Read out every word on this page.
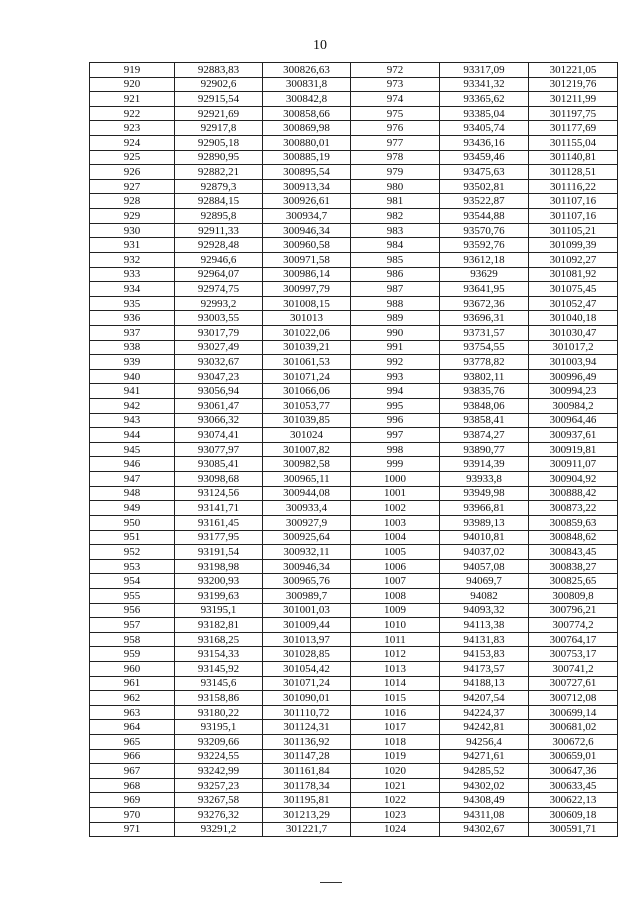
10
919	92883,83	300826,63	972	93317,09	301221,05
920	92902,6	300831,8	973	93341,32	301219,76
921	92915,54	300842,8	974	93365,62	301211,99
922	92921,69	300858,66	975	93385,04	301197,75
923	92917,8	300869,98	976	93405,74	301177,69
924	92905,18	300880,01	977	93436,16	301155,04
925	92890,95	300885,19	978	93459,46	301140,81
926	92882,21	300895,54	979	93475,63	301128,51
927	92879,3	300913,34	980	93502,81	301116,22
928	92884,15	300926,61	981	93522,87	301107,16
929	92895,8	300934,7	982	93544,88	301107,16
930	92911,33	300946,34	983	93570,76	301105,21
931	92928,48	300960,58	984	93592,76	301099,39
932	92946,6	300971,58	985	93612,18	301092,27
933	92964,07	300986,14	986	93629	301081,92
934	92974,75	300997,79	987	93641,95	301075,45
935	92993,2	301008,15	988	93672,36	301052,47
936	93003,55	301013	989	93696,31	301040,18
937	93017,79	301022,06	990	93731,57	301030,47
938	93027,49	301039,21	991	93754,55	301017,2
939	93032,67	301061,53	992	93778,82	301003,94
940	93047,23	301071,24	993	93802,11	300996,49
941	93056,94	301066,06	994	93835,76	300994,23
942	93061,47	301053,77	995	93848,06	300984,2
943	93066,32	301039,85	996	93858,41	300964,46
944	93074,41	301024	997	93874,27	300937,61
945	93077,97	301007,82	998	93890,77	300919,81
946	93085,41	300982,58	999	93914,39	300911,07
947	93098,68	300965,11	1000	93933,8	300904,92
948	93124,56	300944,08	1001	93949,98	300888,42
949	93141,71	300933,4	1002	93966,81	300873,22
950	93161,45	300927,9	1003	93989,13	300859,63
951	93177,95	300925,64	1004	94010,81	300848,62
952	93191,54	300932,11	1005	94037,02	300843,45
953	93198,98	300946,34	1006	94057,08	300838,27
954	93200,93	300965,76	1007	94069,7	300825,65
955	93199,63	300989,7	1008	94082	300809,8
956	93195,1	301001,03	1009	94093,32	300796,21
957	93182,81	301009,44	1010	94113,38	300774,2
958	93168,25	301013,97	1011	94131,83	300764,17
959	93154,33	301028,85	1012	94153,83	300753,17
960	93145,92	301054,42	1013	94173,57	300741,2
961	93145,6	301071,24	1014	94188,13	300727,61
962	93158,86	301090,01	1015	94207,54	300712,08
963	93180,22	301110,72	1016	94224,37	300699,14
964	93195,1	301124,31	1017	94242,81	300681,02
965	93209,66	301136,92	1018	94256,4	300672,6
966	93224,55	301147,28	1019	94271,61	300659,01
967	93242,99	301161,84	1020	94285,52	300647,36
968	93257,23	301178,34	1021	94302,02	300633,45
969	93267,58	301195,81	1022	94308,49	300622,13
970	93276,32	301213,29	1023	94311,08	300609,18
971	93291,2	301221,7	1024	94302,67	300591,71
